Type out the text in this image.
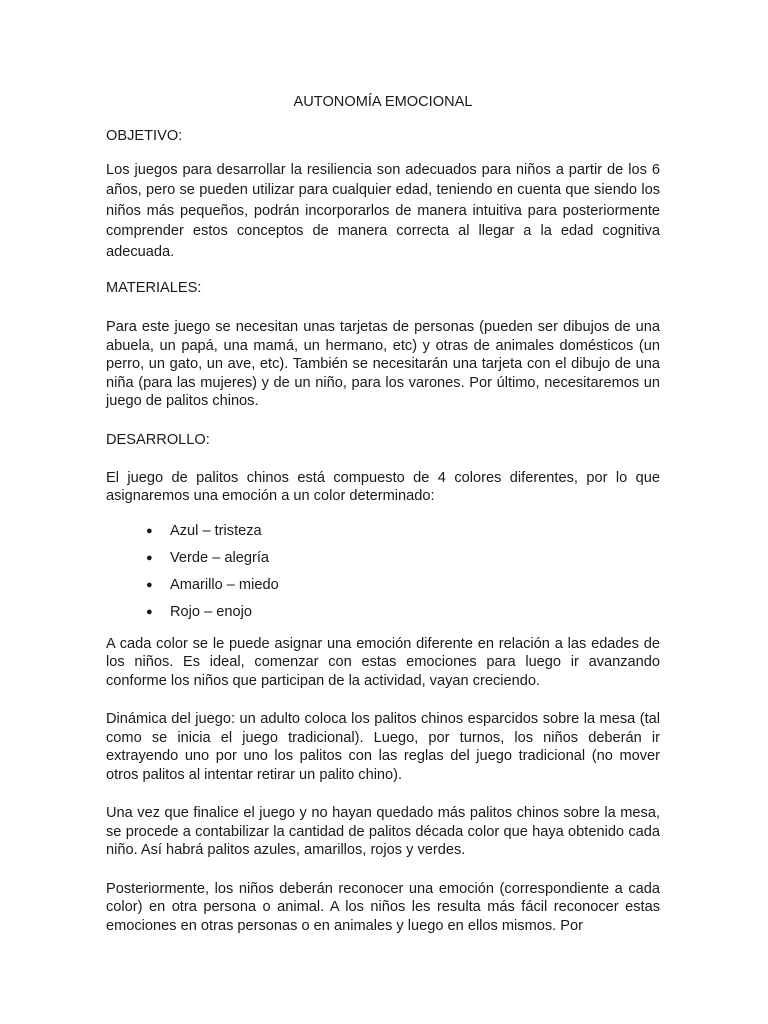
AUTONOMÍA EMOCIONAL
OBJETIVO:
Los juegos para desarrollar la resiliencia son adecuados para niños a partir de los 6 años, pero se pueden utilizar para cualquier edad, teniendo en cuenta que siendo los niños más pequeños, podrán incorporarlos de manera intuitiva para posteriormente comprender estos conceptos de manera correcta al llegar a la edad cognitiva adecuada.
MATERIALES:
Para este juego se necesitan unas tarjetas de personas (pueden ser dibujos de una abuela, un papá, una mamá, un hermano, etc) y otras de animales domésticos (un perro, un gato, un ave, etc). También se necesitarán una tarjeta con el dibujo de una niña (para las mujeres) y de un niño, para los varones. Por último, necesitaremos un juego de palitos chinos.
DESARROLLO:
El juego de palitos chinos está compuesto de 4 colores diferentes, por lo que asignaremos una emoción a un color determinado:
● Azul – tristeza
● Verde – alegría
● Amarillo – miedo
● Rojo – enojo
A cada color se le puede asignar una emoción diferente en relación a las edades de los niños. Es ideal, comenzar con estas emociones para luego ir avanzando conforme los niños que participan de la actividad, vayan creciendo.
Dinámica del juego: un adulto coloca los palitos chinos esparcidos sobre la mesa (tal como se inicia el juego tradicional). Luego, por turnos, los niños deberán ir extrayendo uno por uno los palitos con las reglas del juego tradicional (no mover otros palitos al intentar retirar un palito chino).
Una vez que finalice el juego y no hayan quedado más palitos chinos sobre la mesa, se procede a contabilizar la cantidad de palitos década color que haya obtenido cada niño. Así habrá palitos azules, amarillos, rojos y verdes.
Posteriormente, los niños deberán reconocer una emoción (correspondiente a cada color) en otra persona o animal. A los niños les resulta más fácil reconocer estas emociones en otras personas o en animales y luego en ellos mismos. Por
